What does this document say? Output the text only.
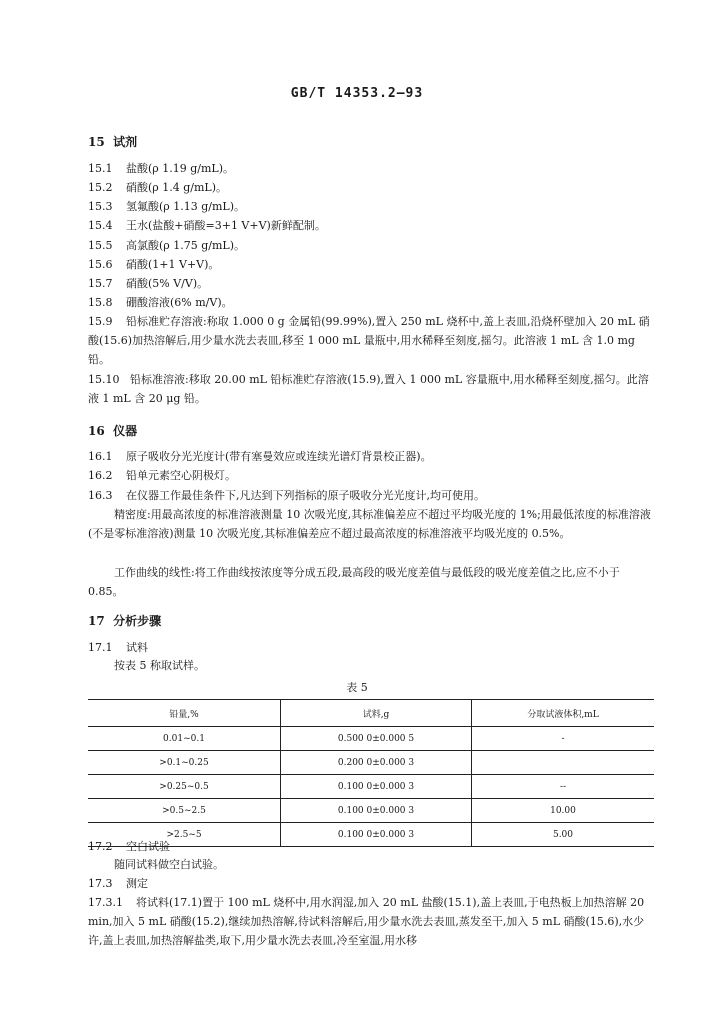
GB/T 14353.2—93
15 试剂
15.1 盐酸(ρ 1.19 g/mL)。
15.2 硝酸(ρ 1.4 g/mL)。
15.3 氢氟酸(ρ 1.13 g/mL)。
15.4 王水(盐酸+硝酸=3+1 V+V)新鲜配制。
15.5 高氯酸(ρ 1.75 g/mL)。
15.6 硝酸(1+1 V+V)。
15.7 硝酸(5% V/V)。
15.8 硼酸溶液(6% m/V)。
15.9 铅标准贮存溶液:称取 1.000 0 g 金属铅(99.99%),置入 250 mL 烧杯中,盖上表皿,沿烧杯壁加入 20 mL 硝酸(15.6)加热溶解后,用少量水洗去表皿,移至 1 000 mL 量瓶中,用水稀释至刻度,摇匀。此溶液 1 mL 含 1.0 mg 铅。
15.10 铅标准溶液:移取 20.00 mL 铅标准贮存溶液(15.9),置入 1 000 mL 容量瓶中,用水稀释至刻度,摇匀。此溶液 1 mL 含 20 μg 铅。
16 仪器
16.1 原子吸收分光光度计(带有塞曼效应或连续光谱灯背景校正器)。
16.2 铅单元素空心阴极灯。
16.3 在仪器工作最佳条件下,凡达到下列指标的原子吸收分光光度计,均可使用。
精密度:用最高浓度的标准溶液测量 10 次吸光度,其标准偏差应不超过平均吸光度的 1%;用最低浓度的标准溶液(不是零标准溶液)测量 10 次吸光度,其标准偏差应不超过最高浓度的标准溶液平均吸光度的 0.5%。
工作曲线的线性:将工作曲线按浓度等分成五段,最高段的吸光度差值与最低段的吸光度差值之比,应不小于 0.85。
17 分析步骤
17.1 试料
按表 5 称取试样。
表 5
铅量,%	试料,g	分取试液体积,mL
0.01~0.1	0.500 0±0.000 5	-
>0.1~0.25	0.200 0±0.000 3	
>0.25~0.5	0.100 0±0.000 3	--
>0.5~2.5	0.100 0±0.000 3	10.00
>2.5~5	0.100 0±0.000 3	5.00
17.2 空白试验
随同试料做空白试验。
17.3 测定
17.3.1 将试料(17.1)置于 100 mL 烧杯中,用水润湿,加入 20 mL 盐酸(15.1),盖上表皿,于电热板上加热溶解 20 min,加入 5 mL 硝酸(15.2),继续加热溶解,待试料溶解后,用少量水洗去表皿,蒸发至干,加入 5 mL 硝酸(15.6),水少许,盖上表皿,加热溶解盐类,取下,用少量水洗去表皿,冷至室温,用水移
